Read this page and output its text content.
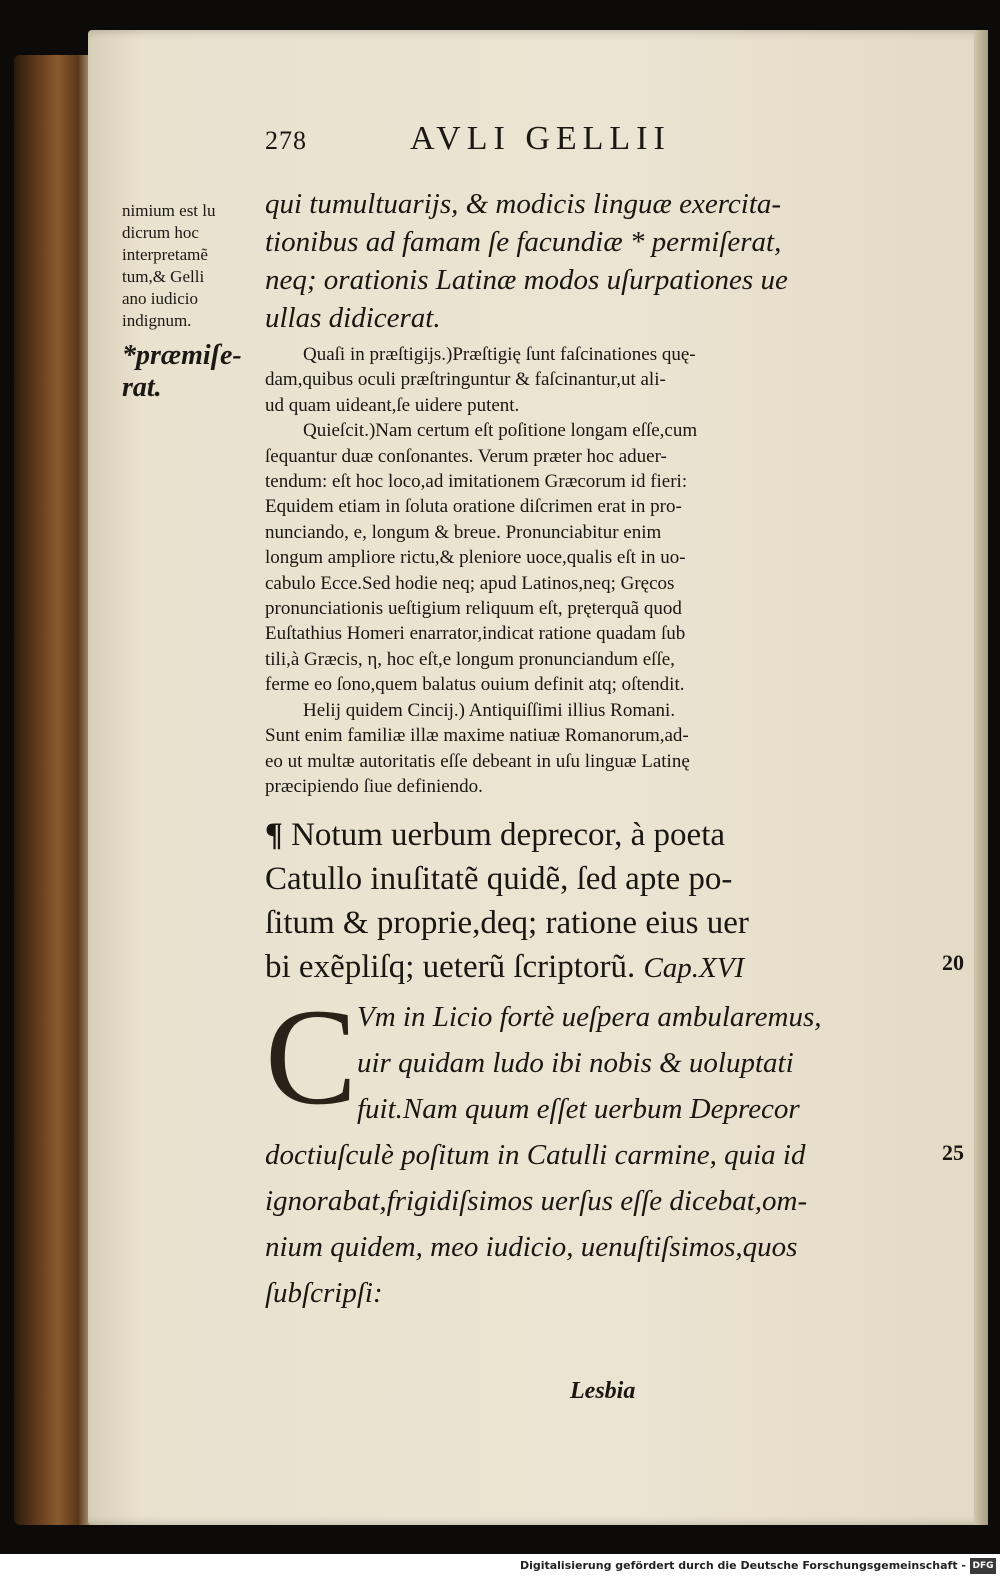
278	AVLI GELLII
nimium est lu
dicrum hoc
interpretamẽ
tum,& Gelli
ano iudicio
indignum.
*præmiſe-
rat.
qui tumultuarijs, & modicis linguæ exercita-
tionibus ad famam ſe facundiæ * permiſerat,
neq; orationis Latinæ modos uſurpationes ue
ullas didicerat.
Quaſi in præſtigijs.)Præſtigię ſunt faſcinationes quę-
dam,quibus oculi præſtringuntur & faſcinantur,ut ali-
ud quam uideant,ſe uidere putent.
Quieſcit.)Nam certum eſt poſitione longam eſſe,cum
ſequantur duæ conſonantes. Verum præter hoc aduer-
tendum: eſt hoc loco,ad imitationem Græcorum id fieri:
Equidem etiam in ſoluta oratione diſcrimen erat in pro-
nunciando, e, longum & breue. Pronunciabitur enim
longum ampliore rictu,& pleniore uoce,qualis eſt in uo-
cabulo Ecce.Sed hodie neq; apud Latinos,neq; Gręcos
pronunciationis ueſtigium reliquum eſt, pręterquã quod
Euſtathius Homeri enarrator,indicat ratione quadam ſub
tili,à Græcis, η, hoc eſt,e longum pronunciandum eſſe,
ferme eo ſono,quem balatus ouium definit atq; oſtendit.
Helij quidem Cincij.) Antiquiſſimi illius Romani.
Sunt enim familiæ illæ maxime natiuæ Romanorum,ad-
eo ut multæ autoritatis eſſe debeant in uſu linguæ Latinę
præcipiendo ſiue definiendo.
¶ Notum uerbum deprecor, à poeta
Catullo inuſitatẽ quidẽ, ſed apte po-
ſitum & proprie,deq; ratione eius uer
bi exẽpliſq; ueterũ ſcriptorũ. Cap.XVI
C Vm in Licio fortè ueſpera ambularemus,
uir quidam ludo ibi nobis & uoluptati
fuit.Nam quum eſſet uerbum Deprecor
doctiuſculè poſitum in Catulli carmine, quia id
ignorabat,frigidiſsimos uerſus eſſe dicebat,om-
nium quidem, meo iudicio, uenuſtiſsimos,quos
ſubſcripſi:
Lesbia
20
25
Digitalisierung gefördert durch die Deutsche Forschungsgemeinschaft - DFG
